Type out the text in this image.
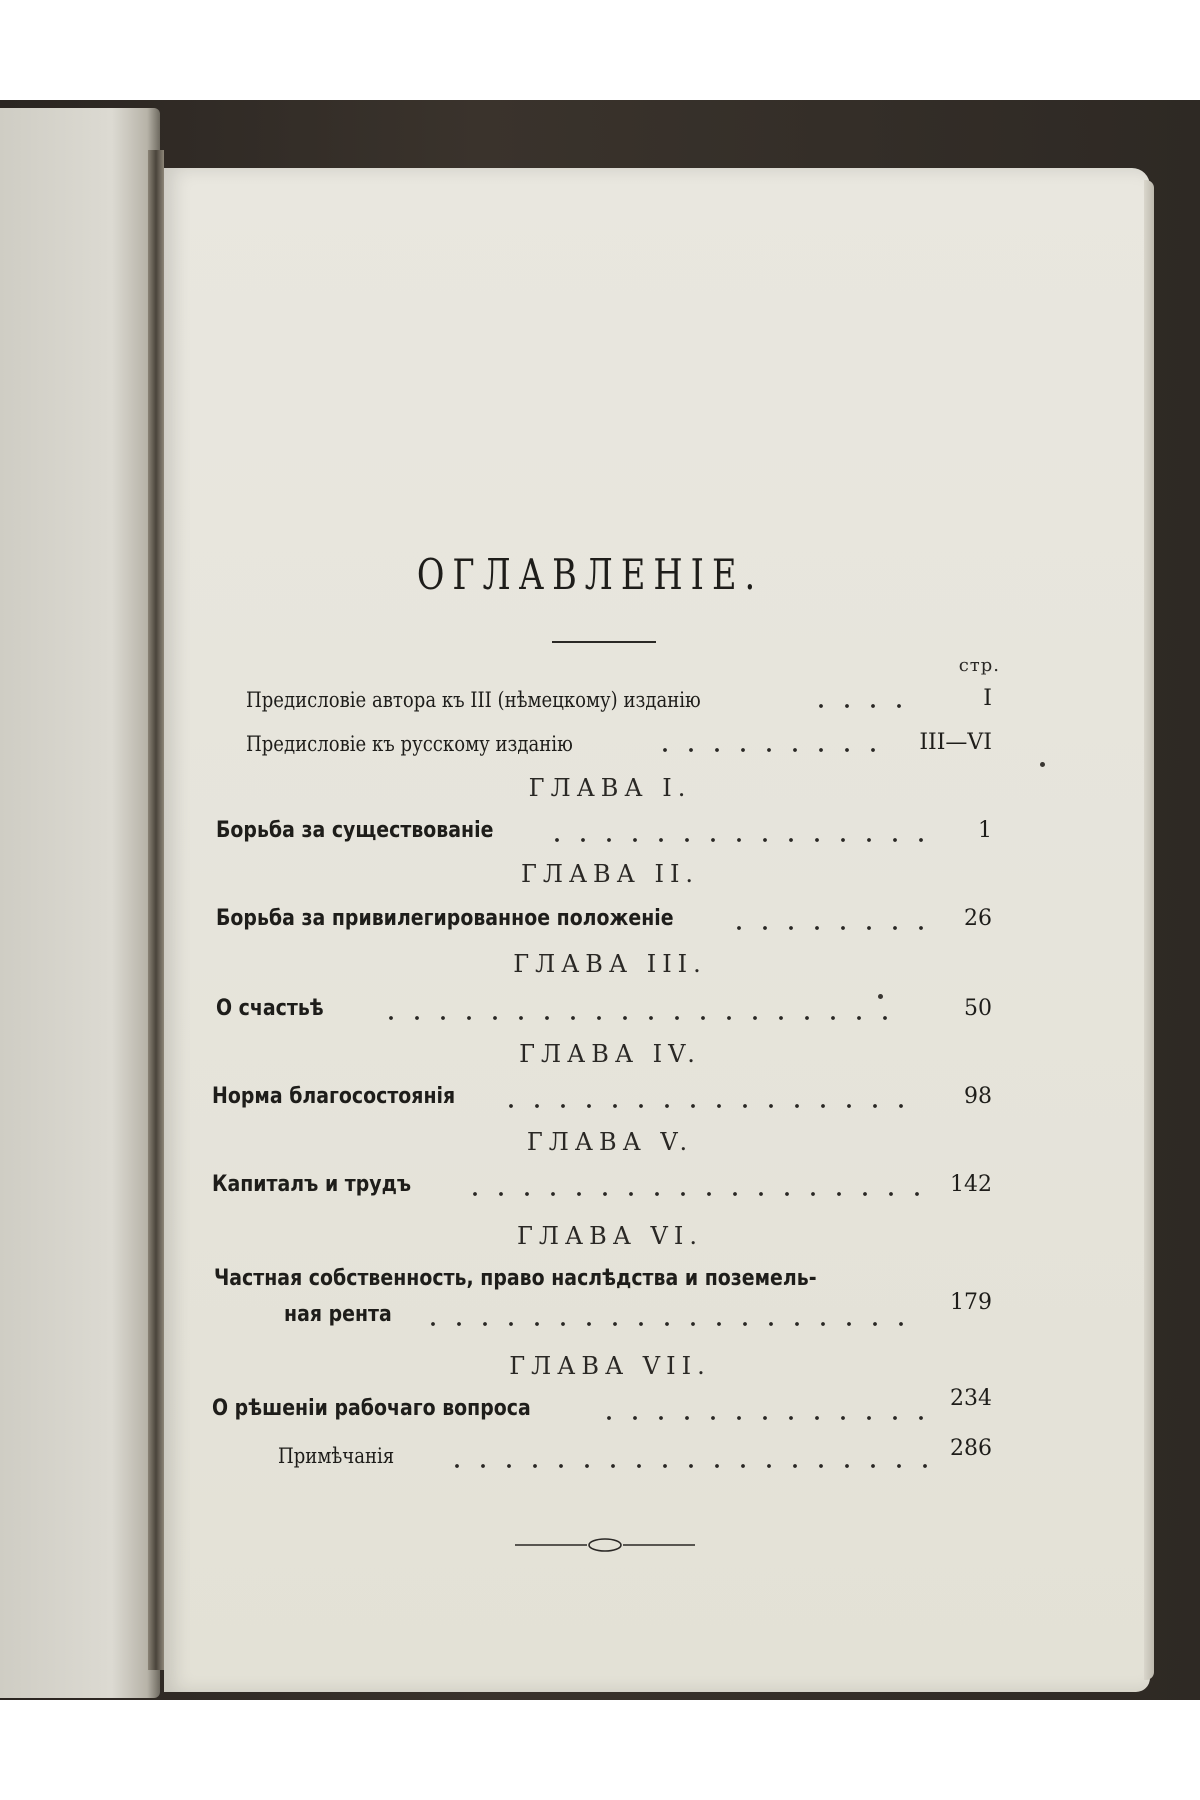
ОГЛАВЛЕНІЕ.
стр.
Предисловіе автора къ III (нѣмецкому) изданію	I
Предисловіе къ русскому изданію	III—VI
ГЛАВА I.
Борьба за существованіе	1
ГЛАВА II.
Борьба за привилегированное положеніе	26
ГЛАВА III.
О счастьѣ	50
ГЛАВА IV.
Норма благосостоянія	98
ГЛАВА V.
Капиталъ и трудъ	142
ГЛАВА VI.
Частная собственность, право наслѣдства и поземель-
ная рента	179
ГЛАВА VII.
О рѣшеніи рабочаго вопроса	234
Примѣчанія	286
